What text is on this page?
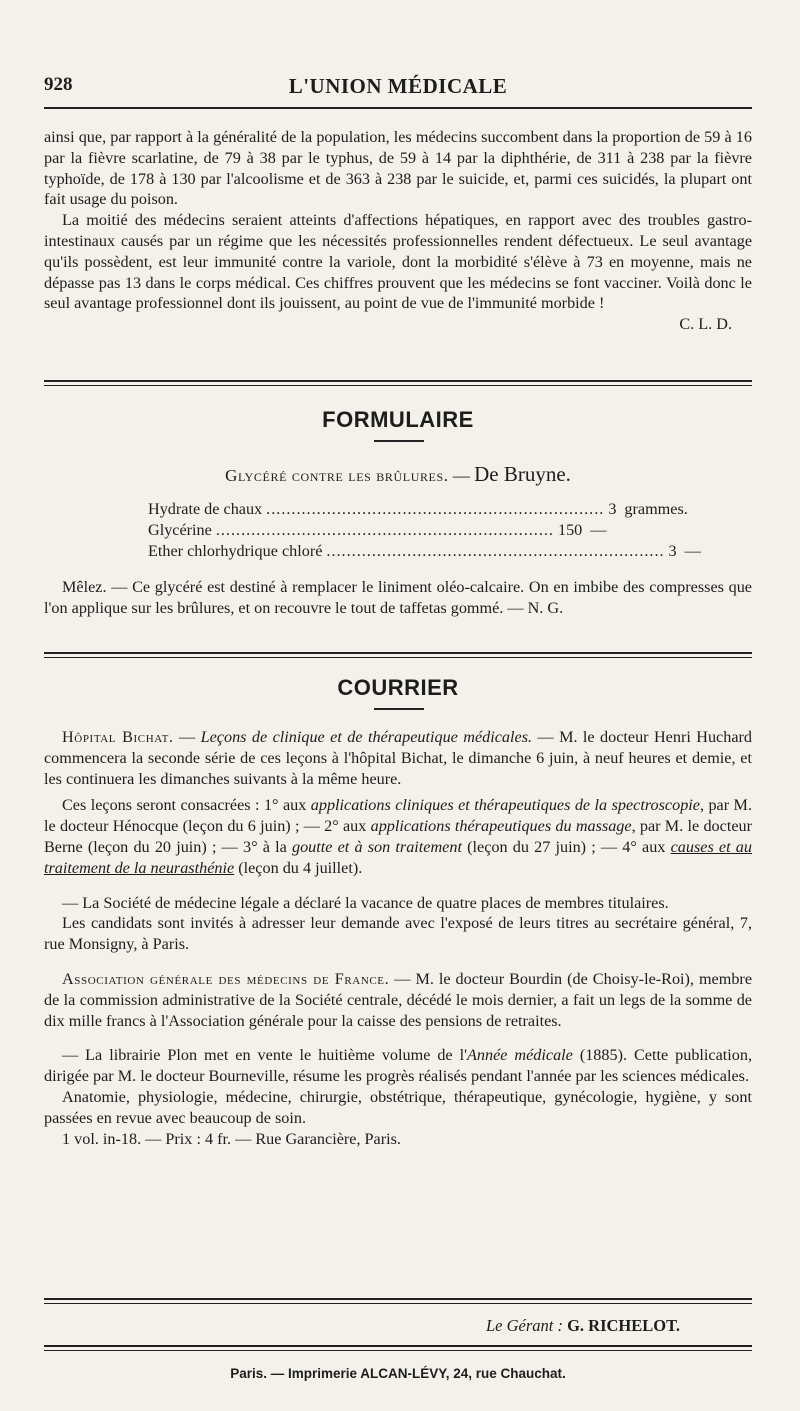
928	L'UNION MÉDICALE

ainsi que, par rapport à la généralité de la population, les médecins succombent dans la proportion de 59 à 16 par la fièvre scarlatine, de 79 à 38 par le typhus, de 59 à 14 par la diphthérie, de 311 à 238 par la fièvre typhoïde, de 178 à 130 par l'alcoolisme et de 363 à 238 par le suicide, et, parmi ces suicidés, la plupart ont fait usage du poison.

La moitié des médecins seraient atteints d'affections hépatiques, en rapport avec des troubles gastro-intestinaux causés par un régime que les nécessités professionnelles rendent défectueux. Le seul avantage qu'ils possèdent, est leur immunité contre la variole, dont la morbidité s'élève à 73 en moyenne, mais ne dépasse pas 13 dans le corps médical. Ces chiffres prouvent que les médecins se font vacciner. Voilà donc le seul avantage professionnel dont ils jouissent, au point de vue de l'immunité morbide !

C. L. D.

FORMULAIRE
Glycéré contre les brûlures. — De Bruyne.
Hydrate de chaux ................................................................... 3 grammes.
Glycérine ................................................................... 150 —
Ether chlorhydrique chloré ................................................................... 3 —
Mêlez. — Ce glycéré est destiné à remplacer le liniment oléo-calcaire. On en imbibe des compresses que l'on applique sur les brûlures, et on recouvre le tout de taffetas gommé. — N. G.
COURRIER

Hôpital Bichat. — Leçons de clinique et de thérapeutique médicales. — M. le docteur Henri Huchard commencera la seconde série de ces leçons à l'hôpital Bichat, le dimanche 6 juin, à neuf heures et demie, et les continuera les dimanches suivants à la même heure.

Ces leçons seront consacrées : 1° aux applications cliniques et thérapeutiques de la spectroscopie, par M. le docteur Hénocque (leçon du 6 juin) ; — 2° aux applications thérapeutiques du massage, par M. le docteur Berne (leçon du 20 juin) ; — 3° à la goutte et à son traitement (leçon du 27 juin) ; — 4° aux causes et au traitement de la neurasthénie (leçon du 4 juillet).

— La Société de médecine légale a déclaré la vacance de quatre places de membres titulaires.

Les candidats sont invités à adresser leur demande avec l'exposé de leurs titres au secrétaire général, 7, rue Monsigny, à Paris.

Association générale des médecins de France. — M. le docteur Bourdin (de Choisy-le-Roi), membre de la commission administrative de la Société centrale, décédé le mois dernier, a fait un legs de la somme de dix mille francs à l'Association générale pour la caisse des pensions de retraites.

— La librairie Plon met en vente le huitième volume de l'Année médicale (1885). Cette publication, dirigée par M. le docteur Bourneville, résume les progrès réalisés pendant l'année par les sciences médicales.

Anatomie, physiologie, médecine, chirurgie, obstétrique, thérapeutique, gynécologie, hygiène, y sont passées en revue avec beaucoup de soin.

1 vol. in-18. — Prix : 4 fr. — Rue Garancière, Paris.

Le Gérant : G. RICHELOT.
Paris. — Imprimerie ALCAN-LÉVY, 24, rue Chauchat.
